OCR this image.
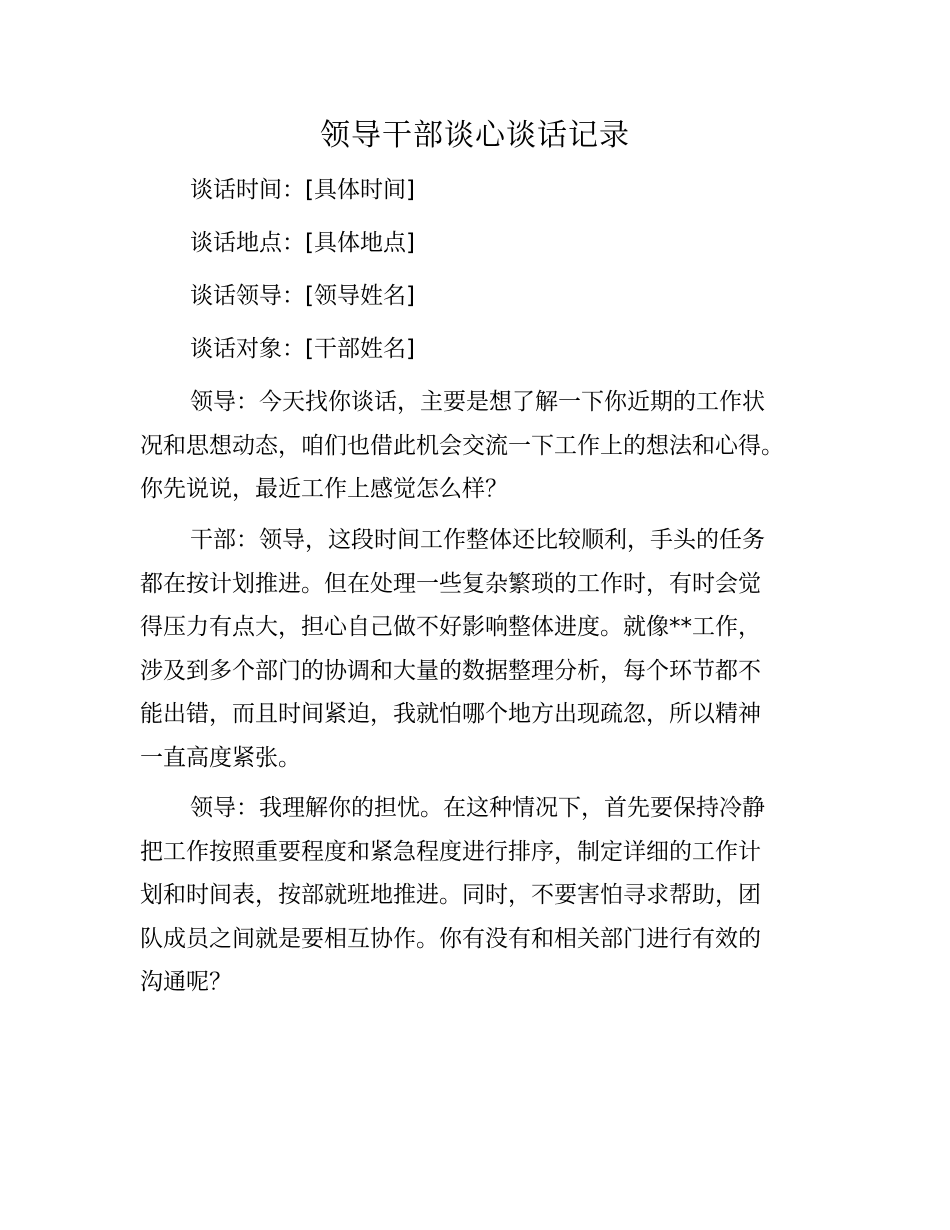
领导干部谈心谈话记录
谈话时间：[具体时间]
谈话地点：[具体地点]
谈话领导：[领导姓名]
谈话对象：[干部姓名]
领导：今天找你谈话，主要是想了解一下你近期的工作状
况和思想动态，咱们也借此机会交流一下工作上的想法和心得。
你先说说，最近工作上感觉怎么样？
干部：领导，这段时间工作整体还比较顺利，手头的任务
都在按计划推进。但在处理一些复杂繁琐的工作时，有时会觉
得压力有点大，担心自己做不好影响整体进度。就像**工作，
涉及到多个部门的协调和大量的数据整理分析，每个环节都不
能出错，而且时间紧迫，我就怕哪个地方出现疏忽，所以精神
一直高度紧张。
领导：我理解你的担忧。在这种情况下，首先要保持冷静
把工作按照重要程度和紧急程度进行排序，制定详细的工作计
划和时间表，按部就班地推进。同时，不要害怕寻求帮助，团
队成员之间就是要相互协作。你有没有和相关部门进行有效的
沟通呢？
